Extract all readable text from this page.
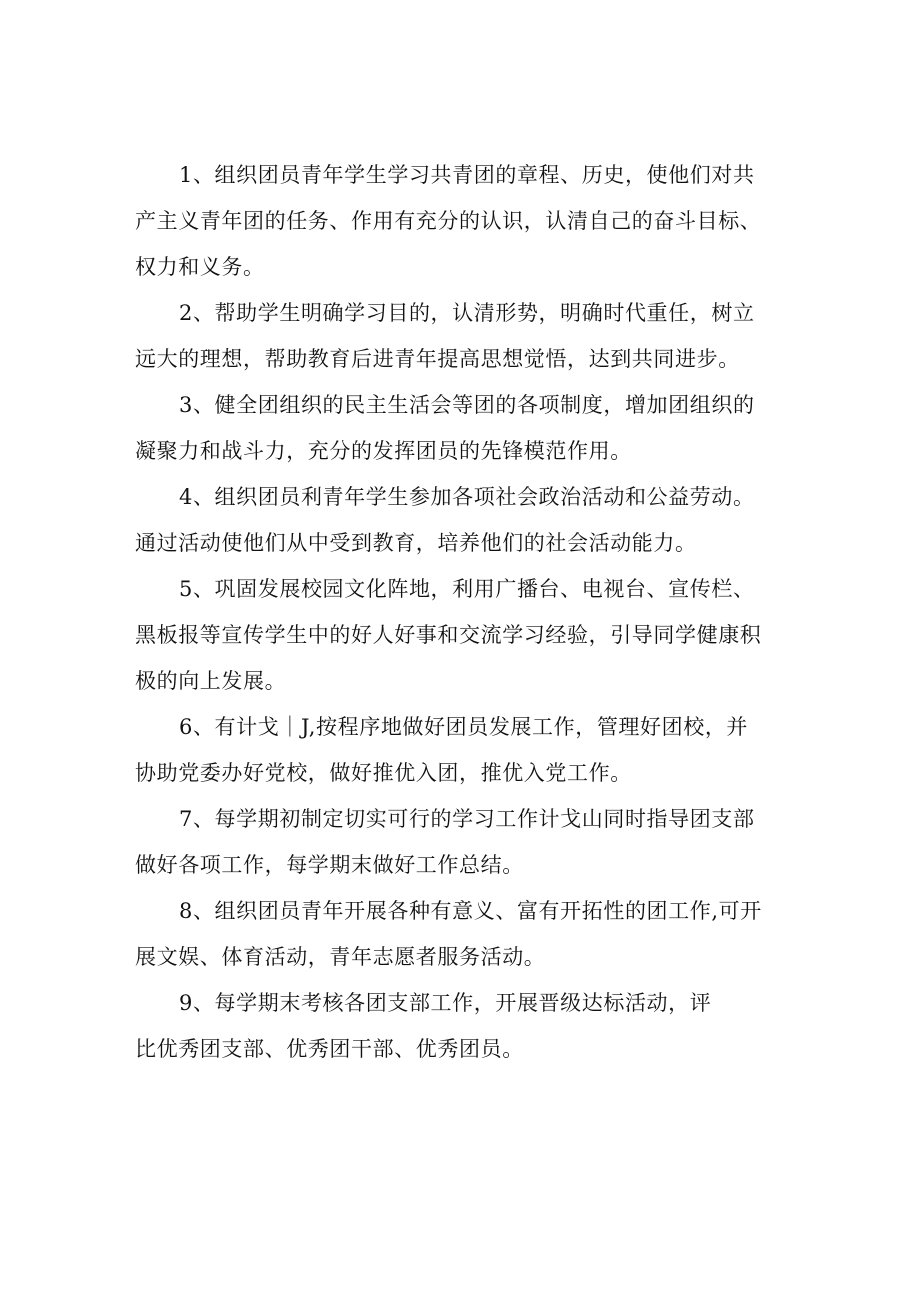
1、组织团员青年学生学习共青团的章程、历史，使他们对共
产主义青年团的任务、作用有充分的认识，认清自己的奋斗目标、
权力和义务。

2、帮助学生明确学习目的，认清形势，明确时代重任，树立
远大的理想，帮助教育后进青年提高思想觉悟，达到共同进步。

3、健全团组织的民主生活会等团的各项制度，增加团组织的
凝聚力和战斗力，充分的发挥团员的先锋模范作用。

4、组织团员利青年学生参加各项社会政治活动和公益劳动。
通过活动使他们从中受到教育，培养他们的社会活动能力。

5、巩固发展校园文化阵地，利用广播台、电视台、宣传栏、
黑板报等宣传学生中的好人好事和交流学习经验，引导同学健康积
极的向上发展。

6、有计戈｜J,按程序地做好团员发展工作，管理好团校，并
协助党委办好党校，做好推优入团，推优入党工作。

7、每学期初制定切实可行的学习工作计戈山同时指导团支部
做好各项工作，每学期末做好工作总结。

8、组织团员青年开展各种有意义、富有开拓性的团工作,可开
展文娱、体育活动，青年志愿者服务活动。

9、每学期末考核各团支部工作，开展晋级达标活动，评
比优秀团支部、优秀团干部、优秀团员。
